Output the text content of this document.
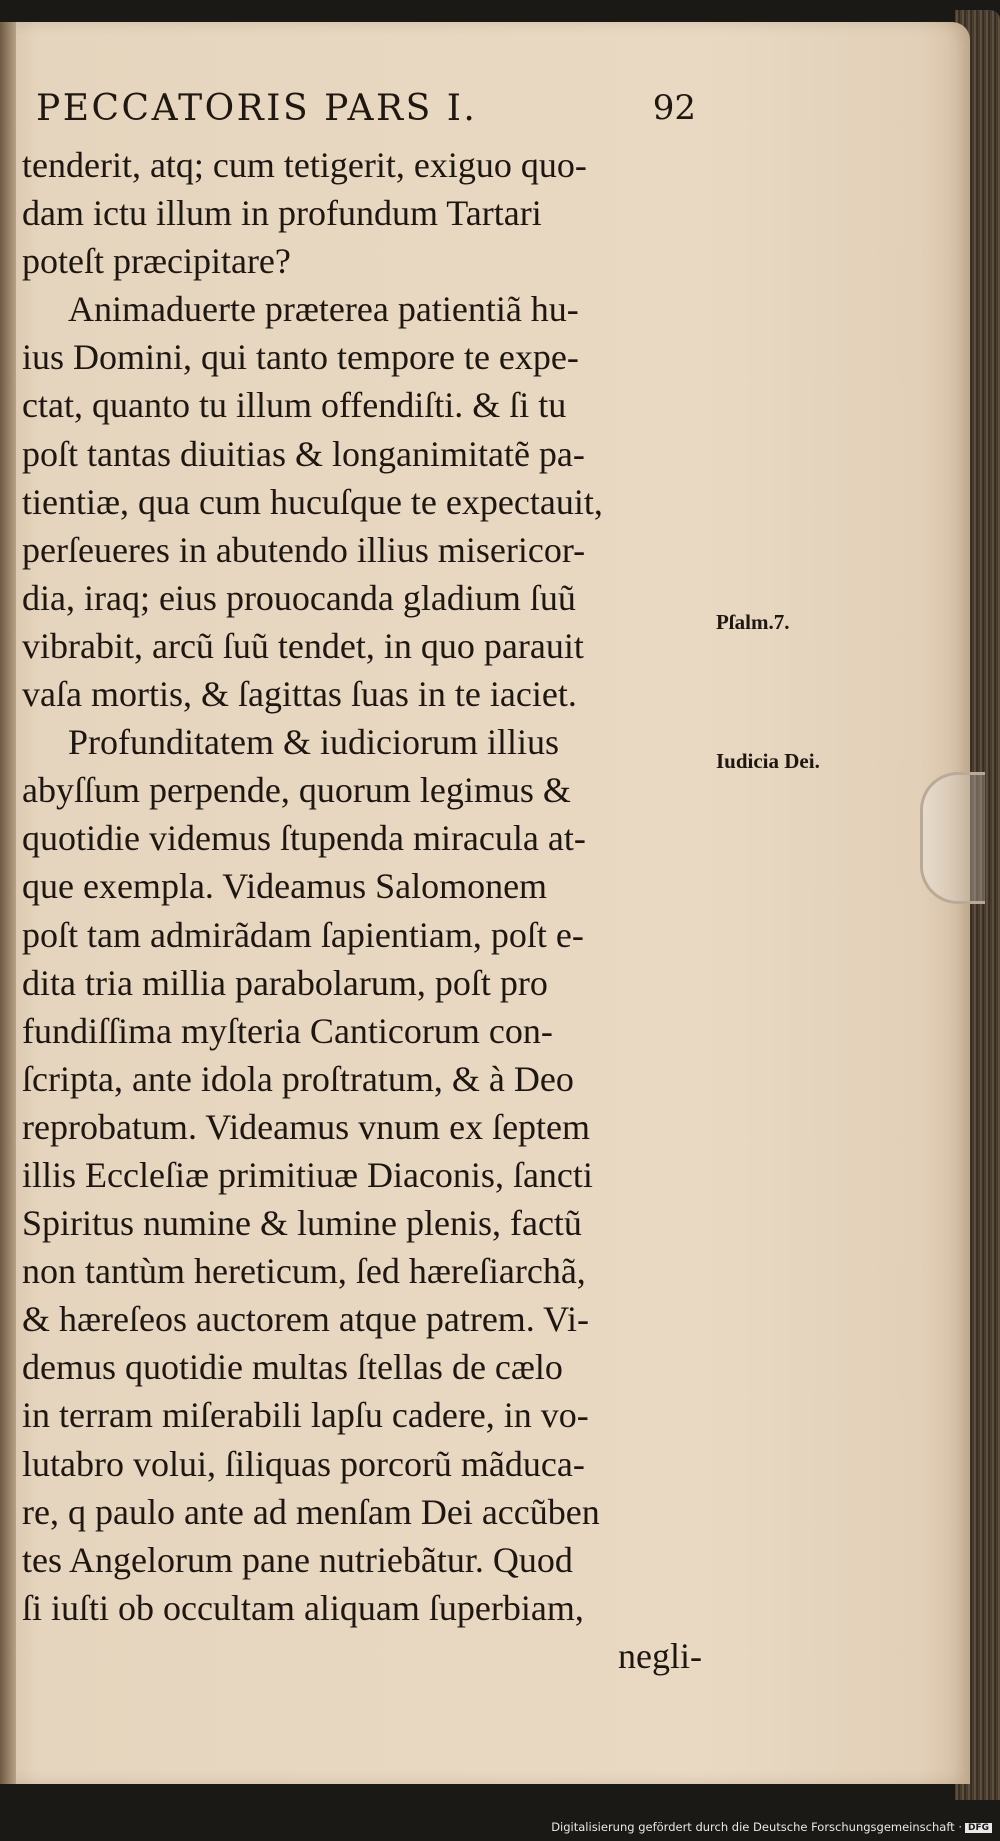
PECCATORIS PARS I.	92
tenderit, atq; cum tetigerit, exiguo quo-
dam ictu illum in profundum Tartari
poteſt præcipitare?
Animaduerte præterea patientiã hu-
ius Domini, qui tanto tempore te expe-
ctat, quanto tu illum offendiſti. & ſi tu
poſt tantas diuitias & longanimitatẽ pa-
tientiæ, qua cum hucuſque te expectauit,
perſeueres in abutendo illius misericor-
dia, iraq; eius prouocanda gladium ſuũ
vibrabit, arcũ ſuũ tendet, in quo parauit
vaſa mortis, & ſagittas ſuas in te iaciet.
Profunditatem & iudiciorum illius
abyſſum perpende, quorum legimus &
quotidie videmus ſtupenda miracula at-
que exempla. Videamus Salomonem
poſt tam admirãdam ſapientiam, poſt e-
dita tria millia parabolarum, poſt pro
fundiſſima myſteria Canticorum con-
ſcripta, ante idola proſtratum, & à Deo
reprobatum. Videamus vnum ex ſeptem
illis Eccleſiæ primitiuæ Diaconis, ſancti
Spiritus numine & lumine plenis, factũ
non tantùm hereticum, ſed hæreſiarchã,
& hæreſeos auctorem atque patrem. Vi-
demus quotidie multas ſtellas de cælo
in terram miſerabili lapſu cadere, in vo-
lutabro volui, ſiliquas porcorũ mãduca-
re, q paulo ante ad menſam Dei accũben
tes Angelorum pane nutriebãtur. Quod
ſi iuſti ob occultam aliquam ſuperbiam,
negli-
Pſalm.7.
Iudicia Dei.
Digitalisierung gefördert durch die Deutsche Forschungsgemeinschaft · DFG
